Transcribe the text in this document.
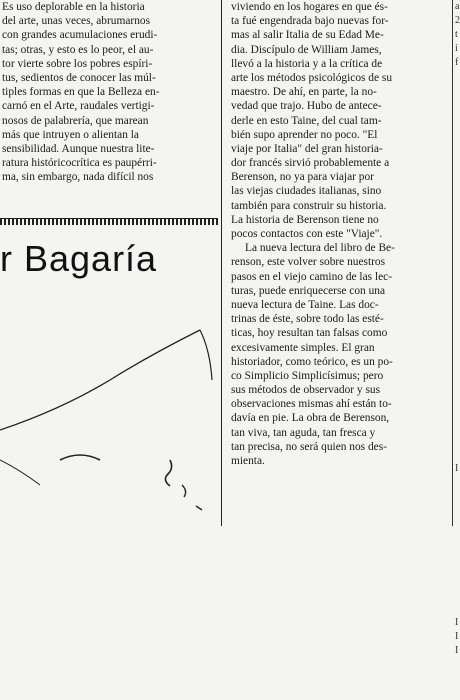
Es uso deplorable en la historia
del arte, unas veces, abrumarnos
con grandes acumulaciones erudi-
tas; otras, y esto es lo peor, el au-
tor vierte sobre los pobres espíri-
tus, sedientos de conocer las múl-
tiples formas en que la Belleza en-
carnó en el Arte, raudales vertigi-
nosos de palabrería, que marean
más que intruyen o alientan la
sensibilidad. Aunque nuestra lite-
ratura históricocrítica es paupérri-
ma, sin embargo, nada difícil nos
r Bagaría
viviendo en los hogares en que és-
ta fué engendrada bajo nuevas for-
mas al salir Italia de su Edad Me-
dia. Discípulo de William James,
llevó a la historia y a la crítica de
arte los métodos psicológicos de su
maestro. De ahí, en parte, la no-
vedad que trajo. Hubo de antece-
derle en esto Taine, del cual tam-
bién supo aprender no poco. "El
viaje por Italia" del gran historia-
dor francés sirvió probablemente a
Berenson, no ya para viajar por
las viejas ciudades italianas, sino
también para construir su historia.
La historia de Berenson tiene no
pocos contactos con este "Viaje".
La nueva lectura del libro de Be-
renson, este volver sobre nuestros
pasos en el viejo camino de las lec-
turas, puede enriquecerse con una
nueva lectura de Taine. Las doc-
trinas de éste, sobre todo las esté-
ticas, hoy resultan tan falsas como
excesivamente simples. El gran
historiador, como teórico, es un po-
co Simplicio Simplicísimus; pero
sus métodos de observador y sus
observaciones mismas ahí están to-
davía en pie. La obra de Berenson,
tan viva, tan aguda, tan fresca y
tan precisa, no será quien nos des-
mienta.
a
2
t
i
f
I
I
I
I
